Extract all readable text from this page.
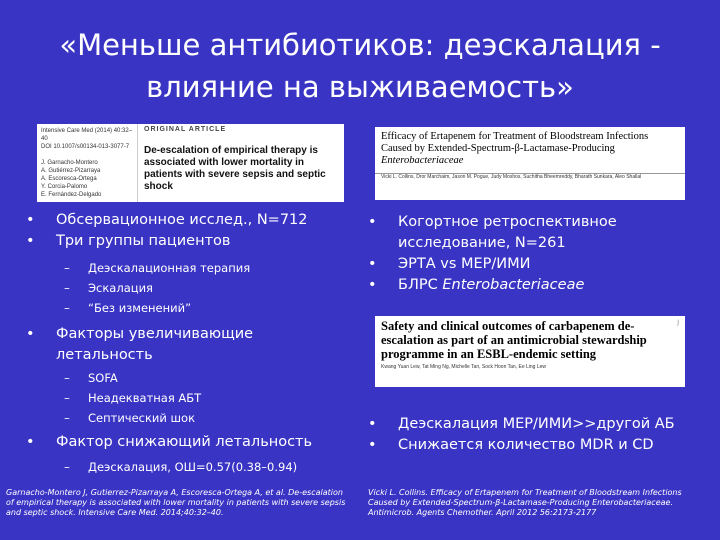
«Меньше антибиотиков: деэскалация - влияние на выживаемость»
Intensive Care Med (2014) 40:32–40
DOI 10.1007/s00134-013-3077-7
J. Garnacho-Montero
A. Gutiérrez-Pizarraya
A. Escoresca-Ortega
Y. Corcia-Palomo
E. Fernández-Delgado
ORIGINAL ARTICLE
De-escalation of empirical therapy is associated with lower mortality in patients with severe sepsis and septic shock
Efficacy of Ertapenem for Treatment of Bloodstream Infections Caused by Extended-Spectrum-β-Lactamase-Producing Enterobacteriaceae
Vicki L. Collins, Dror Marchaim, Jason M. Pogue, Judy Moshos, Suchitha Bheemreddy, Bharath Sunkara, Aleo Shallal
J
Safety and clinical outcomes of carbapenem de-escalation as part of an antimicrobial stewardship programme in an ESBL-endemic setting
Kwang Yuan Lew, Tat Ming Ng, Michelle Tan, Sock Hoon Tan, Ee Ling Lew
• Обсервационное исслед., N=712
• Три группы пациентов
– Деэскалационная терапия
– Эскалация
– “Без изменений”
• Факторы увеличивающие летальность
– SOFA
– Неадекватная АБТ
– Септический шок
• Фактор снижающий летальность
– Деэскалация, ОШ=0.57(0.38–0.94)
• Когортное ретроспективное исследование, N=261
• ЭРТА vs МЕР/ИМИ
• БЛРС Enterobacteriaceae
• Деэскалация МЕР/ИМИ>>другой АБ
• Снижается количество MDR и CD
Garnacho-Montero J, Gutierrez-Pizarraya A, Escoresca-Ortega A, et al. De-escalation of empirical therapy is associated with lower mortality in patients with severe sepsis and septic shock. Intensive Care Med. 2014;40:32–40.
Vicki L. Collins. Efficacy of Ertapenem for Treatment of Bloodstream Infections Caused by Extended-Spectrum-β-Lactamase-Producing Enterobacteriaceae. Antimicrob. Agents Chemother. April 2012 56:2173-2177
